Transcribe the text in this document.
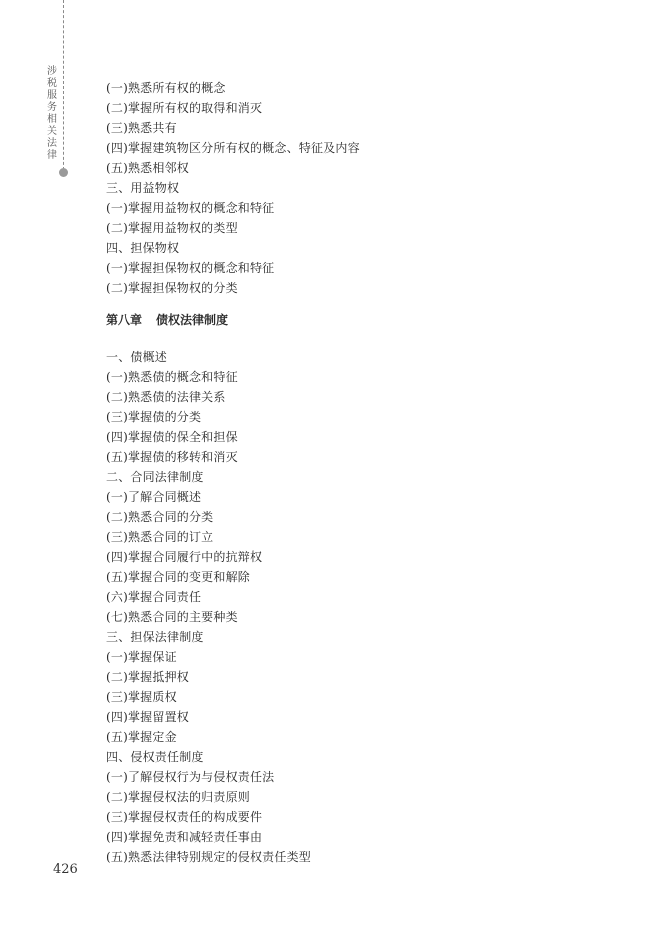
涉税服务相关法律
(一)熟悉所有权的概念
(二)掌握所有权的取得和消灭
(三)熟悉共有
(四)掌握建筑物区分所有权的概念、特征及内容
(五)熟悉相邻权
三、用益物权
(一)掌握用益物权的概念和特征
(二)掌握用益物权的类型
四、担保物权
(一)掌握担保物权的概念和特征
(二)掌握担保物权的分类
第八章 债权法律制度
一、债概述
(一)熟悉债的概念和特征
(二)熟悉债的法律关系
(三)掌握债的分类
(四)掌握债的保全和担保
(五)掌握债的移转和消灭
二、合同法律制度
(一)了解合同概述
(二)熟悉合同的分类
(三)熟悉合同的订立
(四)掌握合同履行中的抗辩权
(五)掌握合同的变更和解除
(六)掌握合同责任
(七)熟悉合同的主要种类
三、担保法律制度
(一)掌握保证
(二)掌握抵押权
(三)掌握质权
(四)掌握留置权
(五)掌握定金
四、侵权责任制度
(一)了解侵权行为与侵权责任法
(二)掌握侵权法的归责原则
(三)掌握侵权责任的构成要件
(四)掌握免责和减轻责任事由
(五)熟悉法律特别规定的侵权责任类型
426
